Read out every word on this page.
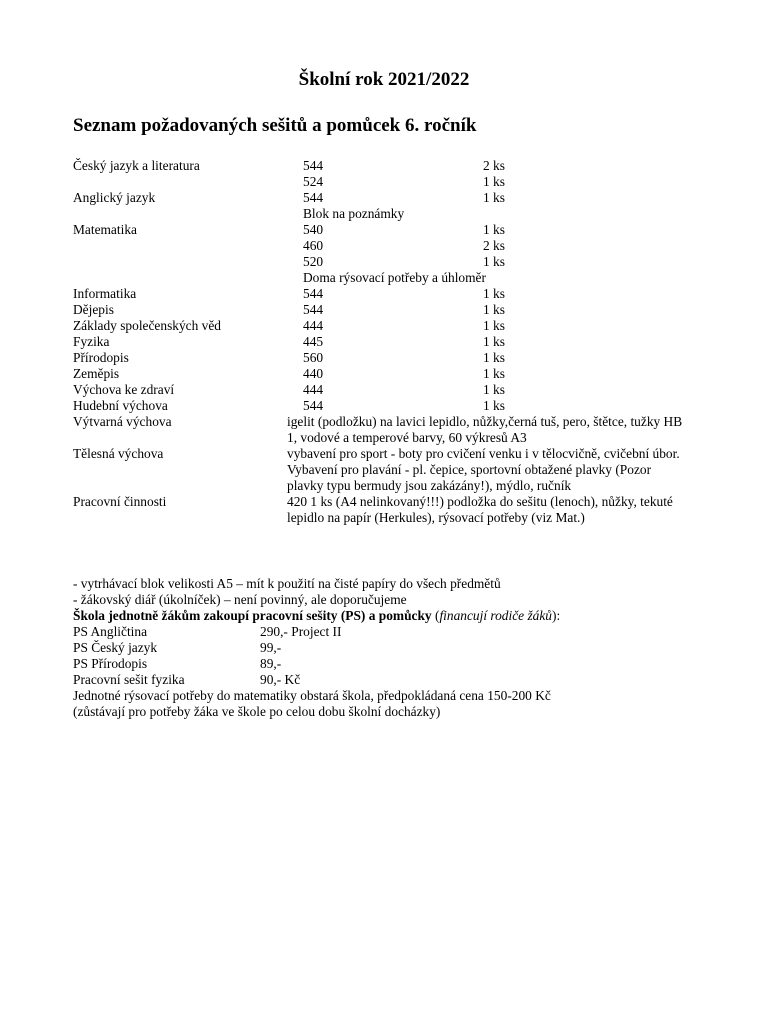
Školní rok 2021/2022
Seznam požadovaných sešitů a pomůcek 6. ročník
Český jazyk a literatura	544	2 ks
524	1 ks
Anglický jazyk	544	1 ks
Blok na poznámky
Matematika	540	1 ks
460	2 ks
520	1 ks
Doma rýsovací potřeby a úhloměr
Informatika	544	1 ks
Dějepis	544	1 ks
Základy společenských věd	444	1 ks
Fyzika	445	1 ks
Přírodopis	560	1 ks
Zeměpis	440	1 ks
Výchova ke zdraví	444	1 ks
Hudební výchova	544	1 ks
Výtvarná výchova	igelit (podložku) na lavici lepidlo, nůžky,černá tuš, pero, štětce, tužky HB 1, vodové a temperové barvy, 60 výkresů A3
Tělesná výchova	vybavení pro sport - boty pro cvičení venku i v tělocvičně, cvičební úbor. Vybavení pro plavání - pl. čepice, sportovní obtažené plavky (Pozor plavky typu bermudy jsou zakázány!), mýdlo, ručník
Pracovní činnosti	420 1 ks (A4 nelinkovaný!!!) podložka do sešitu (lenoch), nůžky, tekuté lepidlo na papír (Herkules), rýsovací potřeby (viz Mat.)
- vytrhávací blok velikosti A5 – mít k použití na čisté papíry do všech předmětů
- žákovský diář (úkolníček) – není povinný, ale doporučujeme
Škola jednotně žákům zakoupí pracovní sešity (PS) a pomůcky (financují rodiče žáků):
PS Angličtina	290,- Project II
PS Český jazyk	99,-
PS Přírodopis	89,-
Pracovní sešit fyzika	90,- Kč
Jednotné rýsovací potřeby do matematiky obstará škola, předpokládaná cena 150-200 Kč
(zůstávají pro potřeby žáka ve škole po celou dobu školní docházky)
